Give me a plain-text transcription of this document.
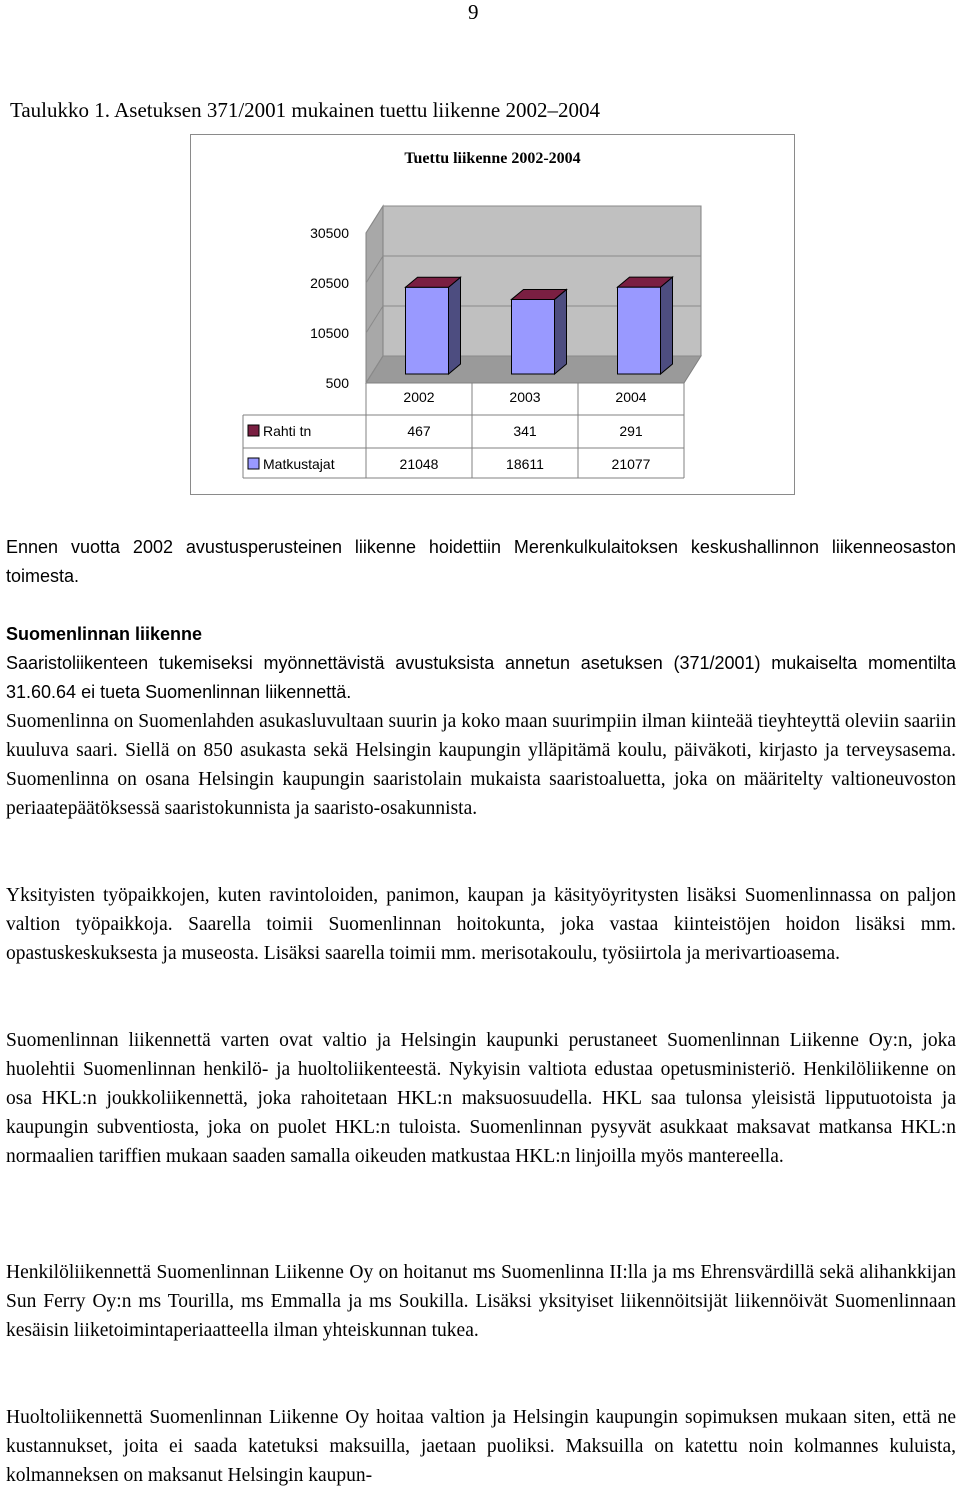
9
Taulukko 1. Asetuksen 371/2001 mukainen tuettu liikenne 2002–2004
30500
20500
10500
500
2002	2003	2004
Rahti tn	467	341	291
Matkustajat	21048	18611	21077
Tuettu liikenne 2002-2004

Ennen vuotta 2002 avustusperusteinen liikenne hoidettiin Merenkulkulaitoksen keskushallinnon liikenneosaston toimesta.

Suomenlinnan liikenne

Saaristoliikenteen tukemiseksi myönnettävistä avustuksista annetun asetuksen (371/2001) mukaiselta momentilta 31.60.64 ei tueta Suomenlinnan liikennettä.

Suomenlinna on Suomenlahden asukasluvultaan suurin ja koko maan suurimpiin ilman kiinteää tieyhteyttä oleviin saariin kuuluva saari. Siellä on 850 asukasta sekä Helsingin kaupungin ylläpitämä koulu, päiväkoti, kirjasto ja terveysasema. Suomenlinna on osana Helsingin kaupungin saaristolain mukaista saaristoaluetta, joka on määritelty valtioneuvoston periaatepäätöksessä saaristokunnista ja saaristo-osakunnista.

Yksityisten työpaikkojen, kuten ravintoloiden, panimon, kaupan ja käsityöyritysten lisäksi Suomenlinnassa on paljon valtion työpaikkoja. Saarella toimii Suomenlinnan hoitokunta, joka vastaa kiinteistöjen hoidon lisäksi mm. opastuskeskuksesta ja museosta. Lisäksi saarella toimii mm. merisotakoulu, työsiirtola ja merivartioasema.

Suomenlinnan liikennettä varten ovat valtio ja Helsingin kaupunki perustaneet Suomenlinnan Liikenne Oy:n, joka huolehtii Suomenlinnan henkilö- ja huoltoliikenteestä. Nykyisin valtiota edustaa opetusministeriö. Henkilöliikenne on osa HKL:n joukkoliikennettä, joka rahoitetaan HKL:n maksuosuudella. HKL saa tulonsa yleisistä lipputuotoista ja kaupungin subventiosta, joka on puolet HKL:n tuloista. Suomenlinnan pysyvät asukkaat maksavat matkansa HKL:n normaalien tariffien mukaan saaden samalla oikeuden matkustaa HKL:n linjoilla myös mantereella.

Henkilöliikennettä Suomenlinnan Liikenne Oy on hoitanut ms Suomenlinna II:lla ja ms Ehrensvärdillä sekä alihankkijan Sun Ferry Oy:n ms Tourilla, ms Emmalla ja ms Soukilla. Lisäksi yksityiset liikennöitsijät liikennöivät Suomenlinnaan kesäisin liiketoimintaperiaatteella ilman yhteiskunnan tukea.

Huoltoliikennettä Suomenlinnan Liikenne Oy hoitaa valtion ja Helsingin kaupungin sopimuksen mukaan siten, että ne kustannukset, joita ei saada katetuksi maksuilla, jaetaan puoliksi. Maksuilla on katettu noin kolmannes kuluista, kolmanneksen on maksanut Helsingin kaupun-
